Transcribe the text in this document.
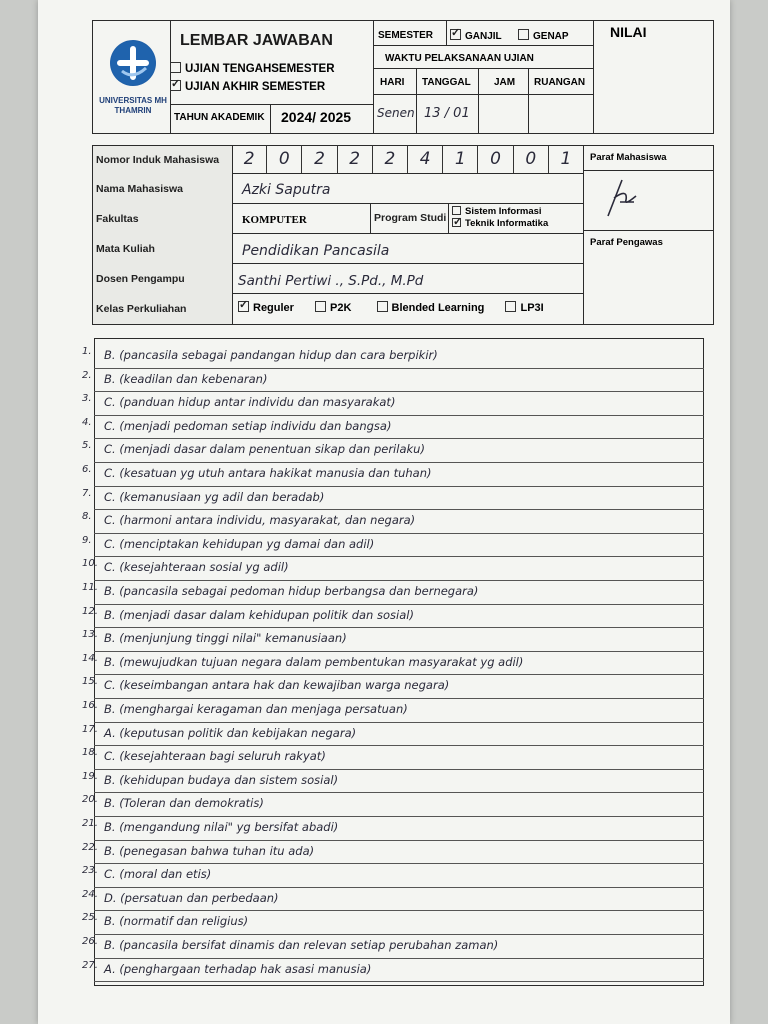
UNIVERSITAS MH THAMRIN
LEMBAR JAWABAN
UJIAN TENGAHSEMESTER
✓UJIAN AKHIR SEMESTER
TAHUN AKADEMIK 2024/ 2025
SEMESTER
✓	GANJIL	GENAP
WAKTU PELAKSANAAN UJIAN
HARI TANGGAL JAM RUANGAN
Senen 13 / 01
NILAI
Nomor Induk Mahasiswa
Nama Mahasiswa
Fakultas
Mata Kuliah
Dosen Pengampu
Kelas Perkuliahan
2	0	2	2	2	4	1	0	0	1
Azki Saputra
KOMPUTER	Program Studi
Sistem Informasi
✓Teknik Informatika
Pendidikan Pancasila
Santhi Pertiwi ., S.Pd., M.Pd
✓Reguler	P2K	Blended Learning	LP3I
Paraf Mahasiswa
Paraf Pengawas
1. B. (pancasila sebagai pandangan hidup dan cara berpikir)
2. B. (keadilan dan kebenaran)
3. C. (panduan hidup antar individu dan masyarakat)
4. C. (menjadi pedoman setiap individu dan bangsa)
5. C. (menjadi dasar dalam penentuan sikap dan perilaku)
6. C. (kesatuan yg utuh antara hakikat manusia dan tuhan)
7. C. (kemanusiaan yg adil dan beradab)
8. C. (harmoni antara individu, masyarakat, dan negara)
9. C. (menciptakan kehidupan yg damai dan adil)
10. C. (kesejahteraan sosial yg adil)
11. B. (pancasila sebagai pedoman hidup berbangsa dan bernegara)
12. B. (menjadi dasar dalam kehidupan politik dan sosial)
13. B. (menjunjung tinggi nilai" kemanusiaan)
14. B. (mewujudkan tujuan negara dalam pembentukan masyarakat yg adil)
15. C. (keseimbangan antara hak dan kewajiban warga negara)
16. B. (menghargai keragaman dan menjaga persatuan)
17. A. (keputusan politik dan kebijakan negara)
18. C. (kesejahteraan bagi seluruh rakyat)
19. B. (kehidupan budaya dan sistem sosial)
20. B. (Toleran dan demokratis)
21. B. (mengandung nilai" yg bersifat abadi)
22. B. (penegasan bahwa tuhan itu ada)
23. C. (moral dan etis)
24. D. (persatuan dan perbedaan)
25. B. (normatif dan religius)
26. B. (pancasila bersifat dinamis dan relevan setiap perubahan zaman)
27. A. (penghargaan terhadap hak asasi manusia)
